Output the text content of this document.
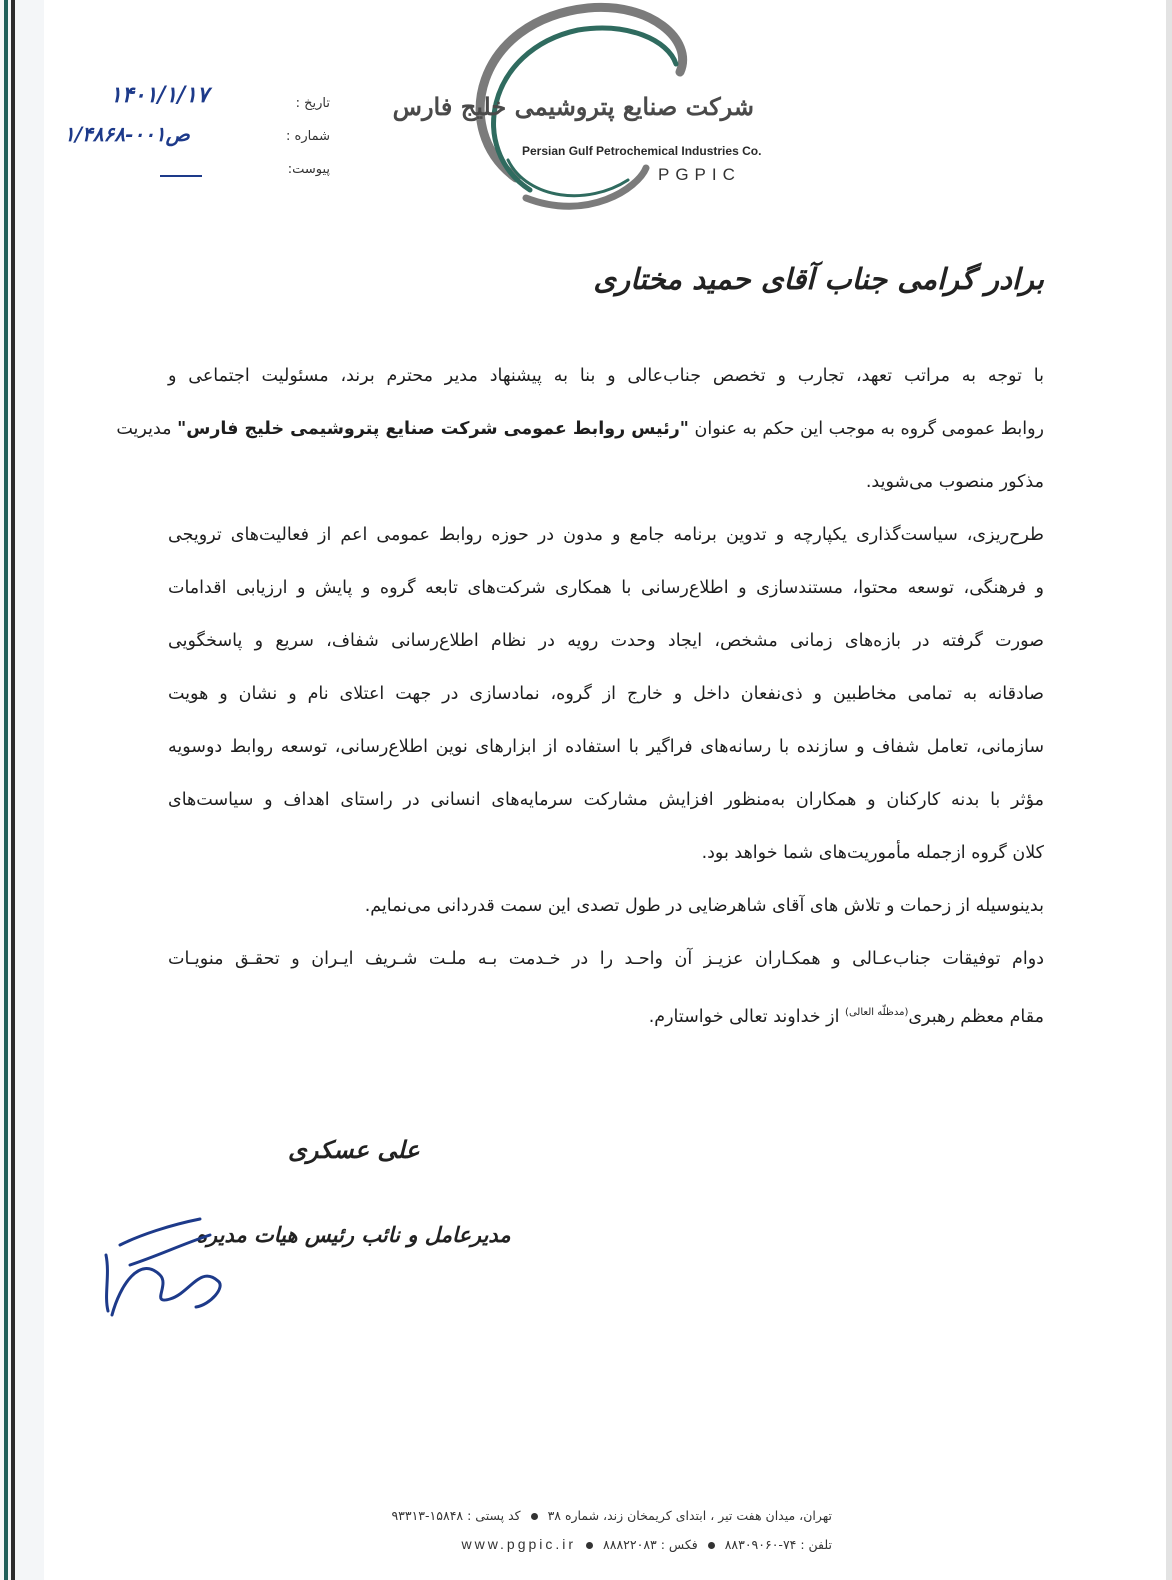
شرکت صنایع پتروشیمی خلیج فارس
Persian Gulf Petrochemical Industries Co.
PGPIC
تاریخ :
شماره :
پیوست:
۱۴۰۱/۱/۱۷
ص۰۰۱-۱/۴۸۶۸
برادر گرامی جناب آقای حمید مختاری

با توجه به مراتب تعهد، تجارب و تخصص جناب‌عالی و بنا به پیشنهاد مدیر محترم برند، مسئولیت اجتماعی و
روابط عمومی گروه به موجب این حکم به عنوان "رئیس روابط عمومی شرکت صنایع پتروشیمی خلیج فارس" مدیریت
مذکور منصوب می‌شوید.

طرح‌ریزی، سیاست‌گذاری یکپارچه و تدوین برنامه جامع و مدون در حوزه روابط عمومی اعم از فعالیت‌های ترویجی
و فرهنگی، توسعه محتوا، مستندسازی و اطلاع‌رسانی با همکاری شرکت‌های تابعه گروه و پایش و ارزیابی اقدامات
صورت گرفته در بازه‌های زمانی مشخص، ایجاد وحدت رویه در نظام اطلاع‌رسانی شفاف، سریع و پاسخگویی
صادقانه به تمامی مخاطبین و ذی‌نفعان داخل و خارج از گروه، نمادسازی در جهت اعتلای نام و نشان و هویت
سازمانی، تعامل شفاف و سازنده با رسانه‌های فراگیر با استفاده از ابزارهای نوین اطلاع‌رسانی، توسعه روابط دوسویه
مؤثر با بدنه کارکنان و همکاران به‌منظور افزایش مشارکت سرمایه‌های انسانی در راستای اهداف و سیاست‌های
کلان گروه ازجمله مأموریت‌های شما خواهد بود.

بدینوسیله از زحمات و تلاش های آقای شاهرضایی در طول تصدی این سمت قدردانی می‌نمایم.

دوام توفیقات جناب‌عـالی و همکـاران عزیـز آن واحـد را در خـدمت بـه ملـت شـریف ایـران و تحقـق منویـات
مقام معظم رهبری$^{(مدظلّه العالی)}$ از خداوند تعالی خواستارم.

علی عسکری
مدیرعامل و نائب رئیس هیات مدیره
تهران، میدان هفت تیر ، ابتدای کریمخان زند، شماره ۳۸  کد پستی : ۱۵۸۴۸-۹۳۳۱۳
تلفن : ۷۴-۸۸۳۰۹۰۶۰  فکس : ۸۸۸۲۲۰۸۳  www.pgpic.ir
